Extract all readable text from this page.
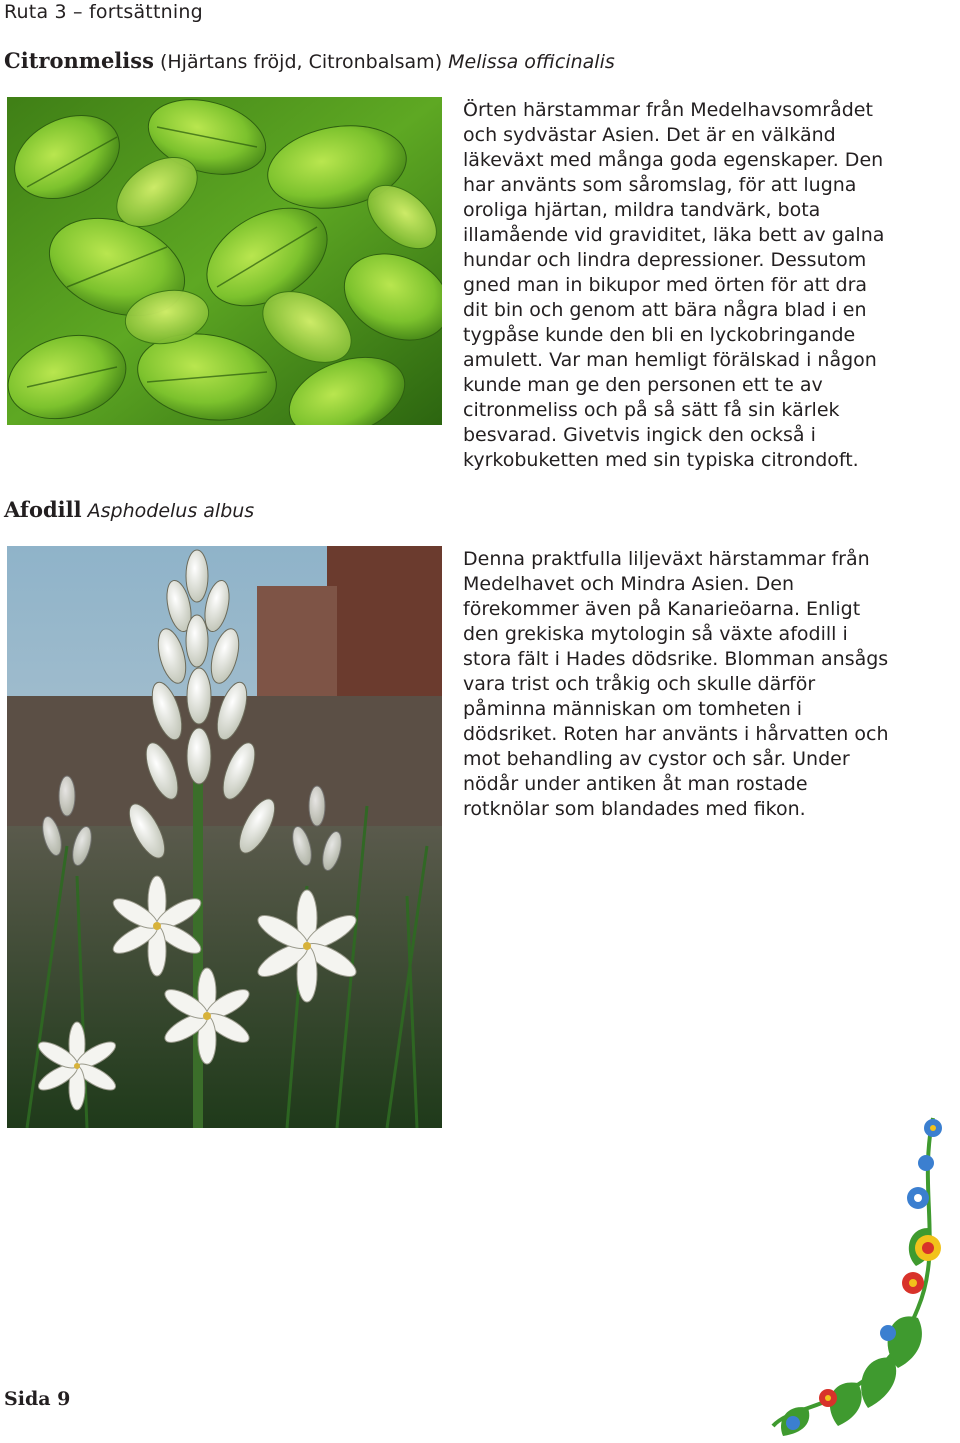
Ruta 3 – fortsättning
Citronmeliss (Hjärtans fröjd, Citronbalsam) Melissa officinalis

Örten härstammar från Medelhavsområdet och sydvästar Asien. Det är en välkänd läkeväxt med många goda egenskaper. Den har använts som såromslag, för att lugna oroliga hjärtan, mildra tandvärk, bota illamående vid graviditet, läka bett av galna hundar och lindra depressioner. Dessutom gned man in bikupor med örten för att dra dit bin och genom att bära några blad i en tygpåse kunde den bli en lyckobringande amulett. Var man hemligt förälskad i någon kunde man ge den personen ett te av citronmeliss och på så sätt få sin kärlek besvarad. Givetvis ingick den också i kyrkobuketten med sin typiska citrondoft.

Afodill Asphodelus albus

Denna praktfulla liljeväxt härstammar från Medelhavet och Mindra Asien. Den förekommer även på Kanarieöarna. Enligt den grekiska mytologin så växte afodill i stora fält i Hades dödsrike. Blomman ansågs vara trist och tråkig och skulle därför påminna människan om tomheten i dödsriket. Roten har använts i hårvatten och mot behandling av cystor och sår. Under nödår under antiken åt man rostade rotknölar som blandades med fikon.

Sida 9
